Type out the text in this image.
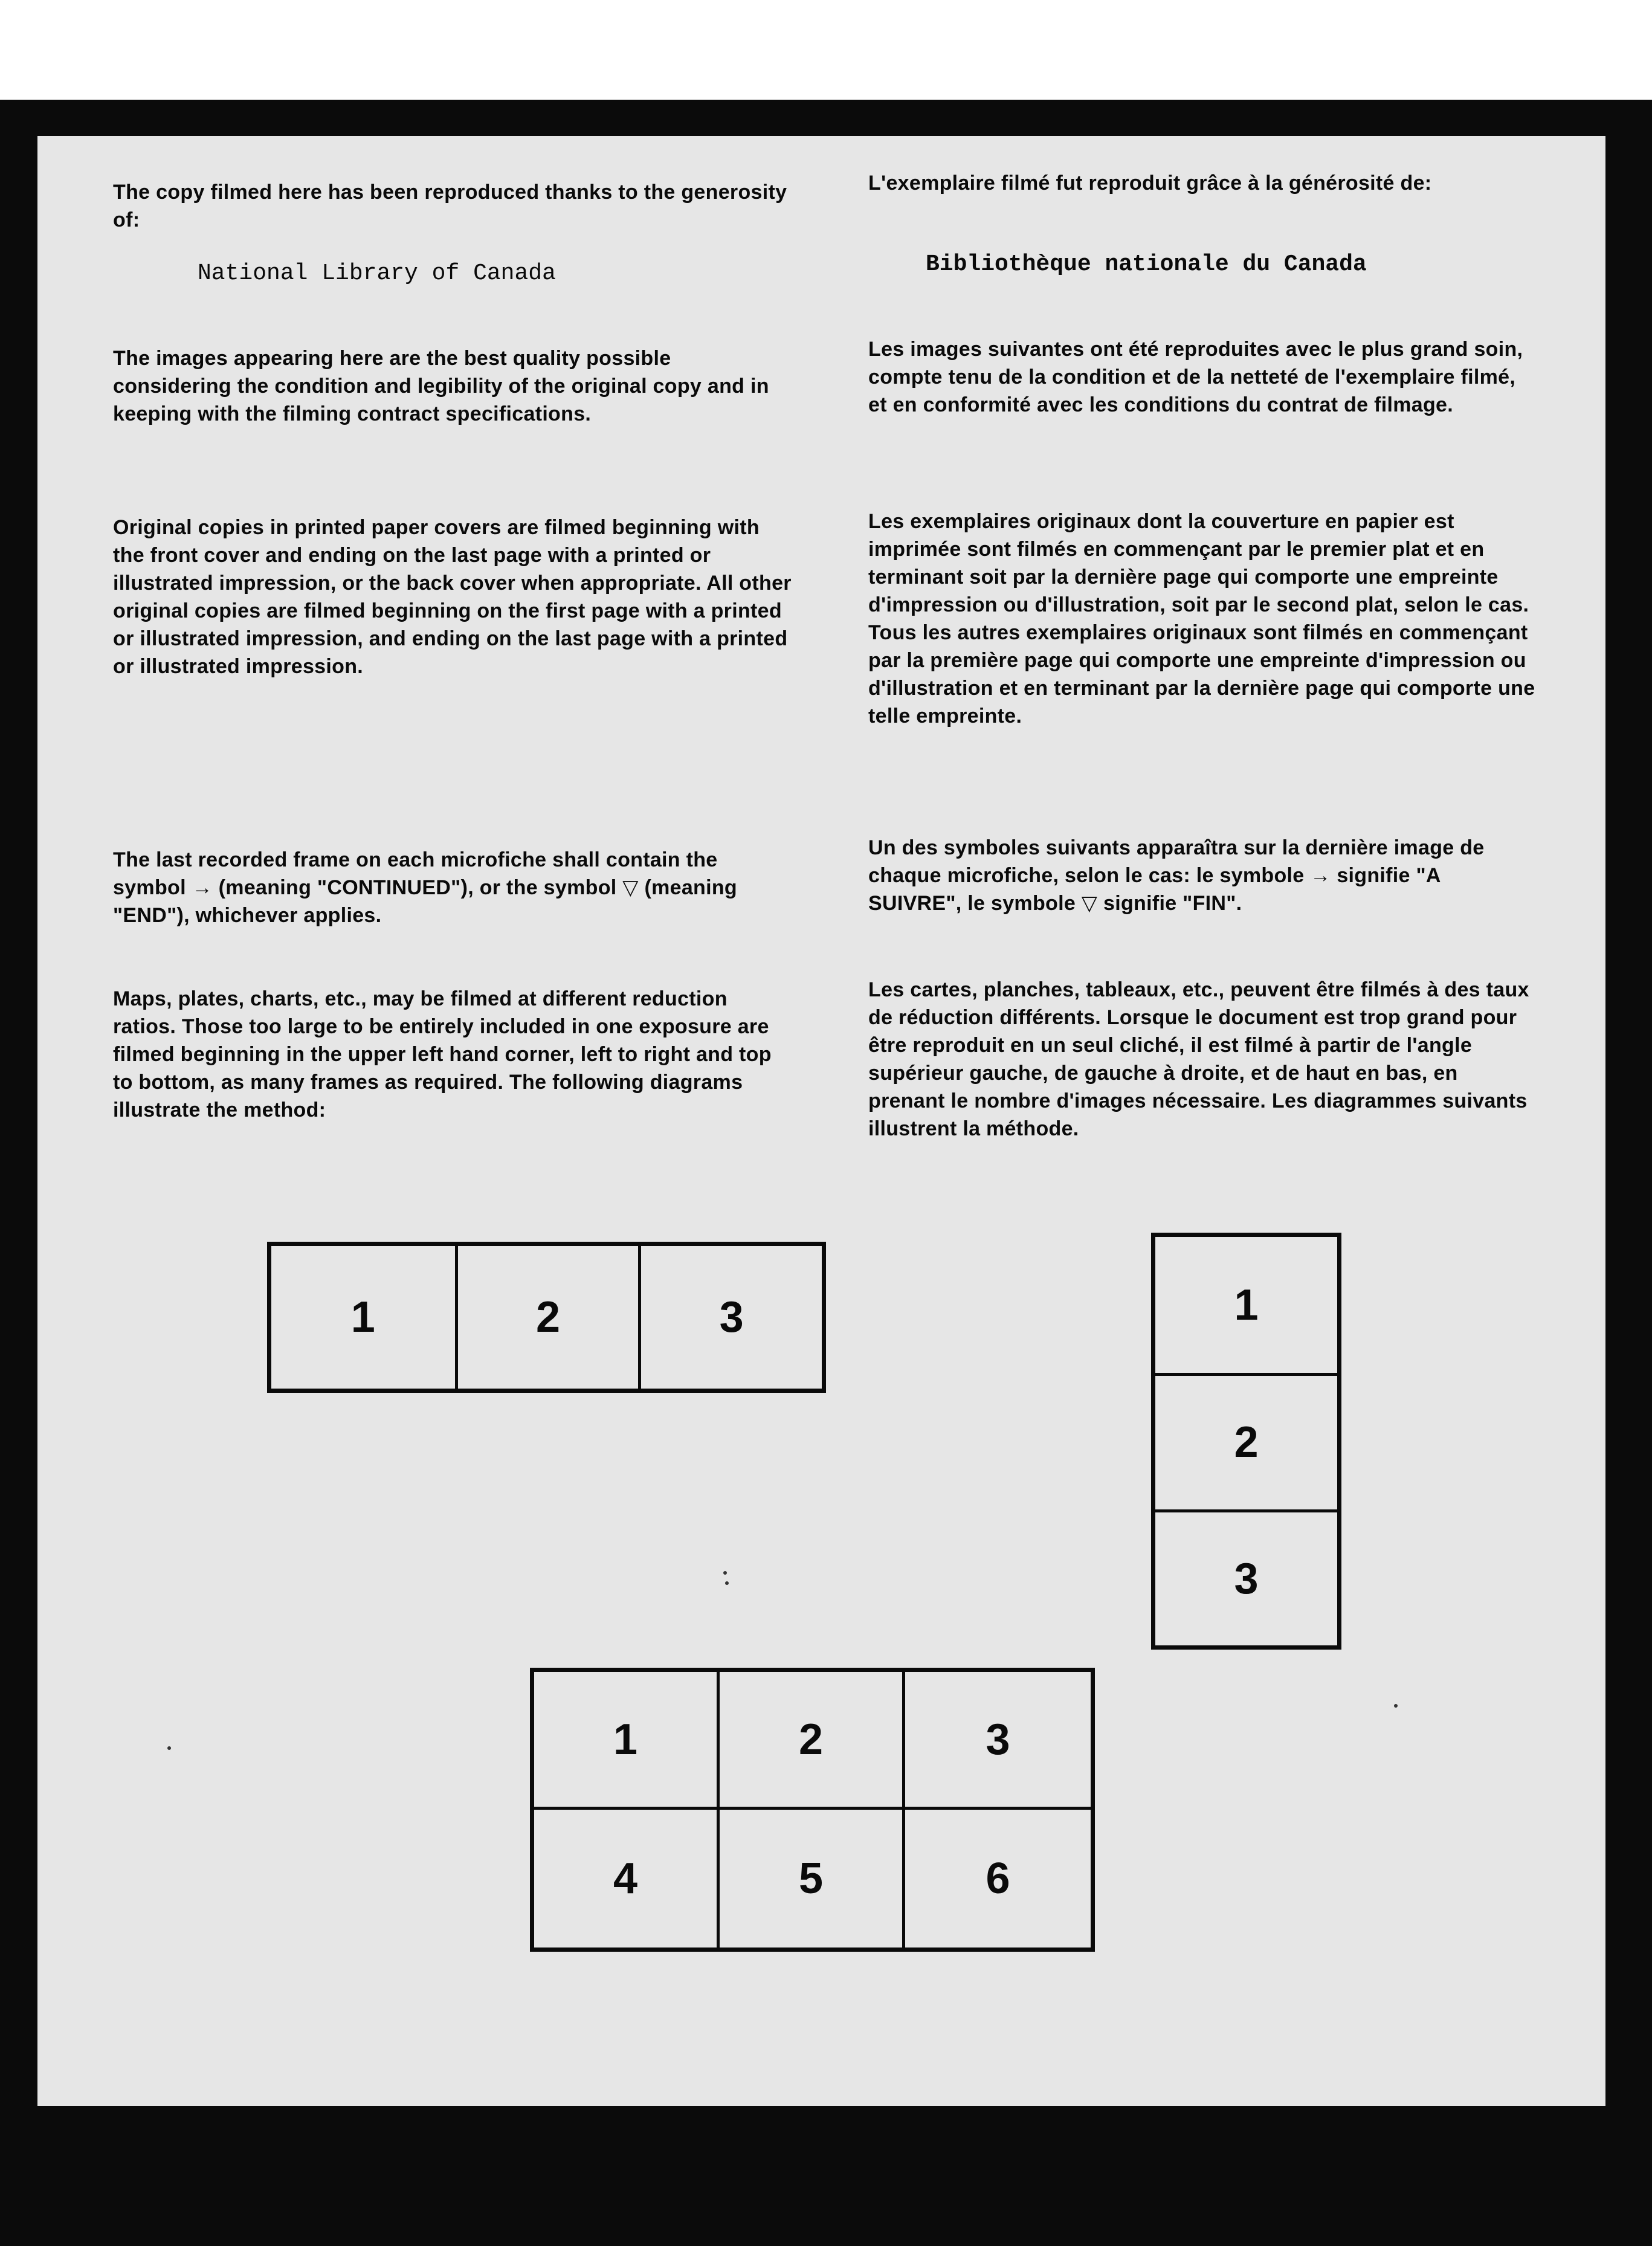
The copy filmed here has been reproduced thanks to the generosity of:

National Library of Canada

The images appearing here are the best quality possible considering the condition and legibility of the original copy and in keeping with the filming contract specifications.

Original copies in printed paper covers are filmed beginning with the front cover and ending on the last page with a printed or illustrated impression, or the back cover when appropriate. All other original copies are filmed beginning on the first page with a printed or illustrated impression, and ending on the last page with a printed or illustrated impression.

The last recorded frame on each microfiche shall contain the symbol → (meaning "CONTINUED"), or the symbol ▽ (meaning "END"), whichever applies.

Maps, plates, charts, etc., may be filmed at different reduction ratios. Those too large to be entirely included in one exposure are filmed beginning in the upper left hand corner, left to right and top to bottom, as many frames as required. The following diagrams illustrate the method:

L'exemplaire filmé fut reproduit grâce à la générosité de:

Bibliothèque nationale du Canada

Les images suivantes ont été reproduites avec le plus grand soin, compte tenu de la condition et de la netteté de l'exemplaire filmé, et en conformité avec les conditions du contrat de filmage.

Les exemplaires originaux dont la couverture en papier est imprimée sont filmés en commençant par le premier plat et en terminant soit par la dernière page qui comporte une empreinte d'impression ou d'illustration, soit par le second plat, selon le cas. Tous les autres exemplaires originaux sont filmés en commençant par la première page qui comporte une empreinte d'impression ou d'illustration et en terminant par la dernière page qui comporte une telle empreinte.

Un des symboles suivants apparaîtra sur la dernière image de chaque microfiche, selon le cas: le symbole → signifie "A SUIVRE", le symbole ▽ signifie "FIN".

Les cartes, planches, tableaux, etc., peuvent être filmés à des taux de réduction différents. Lorsque le document est trop grand pour être reproduit en un seul cliché, il est filmé à partir de l'angle supérieur gauche, de gauche à droite, et de haut en bas, en prenant le nombre d'images nécessaire. Les diagrammes suivants illustrent la méthode.

1	2	3	1
2
3
1	2	3
4	5	6
